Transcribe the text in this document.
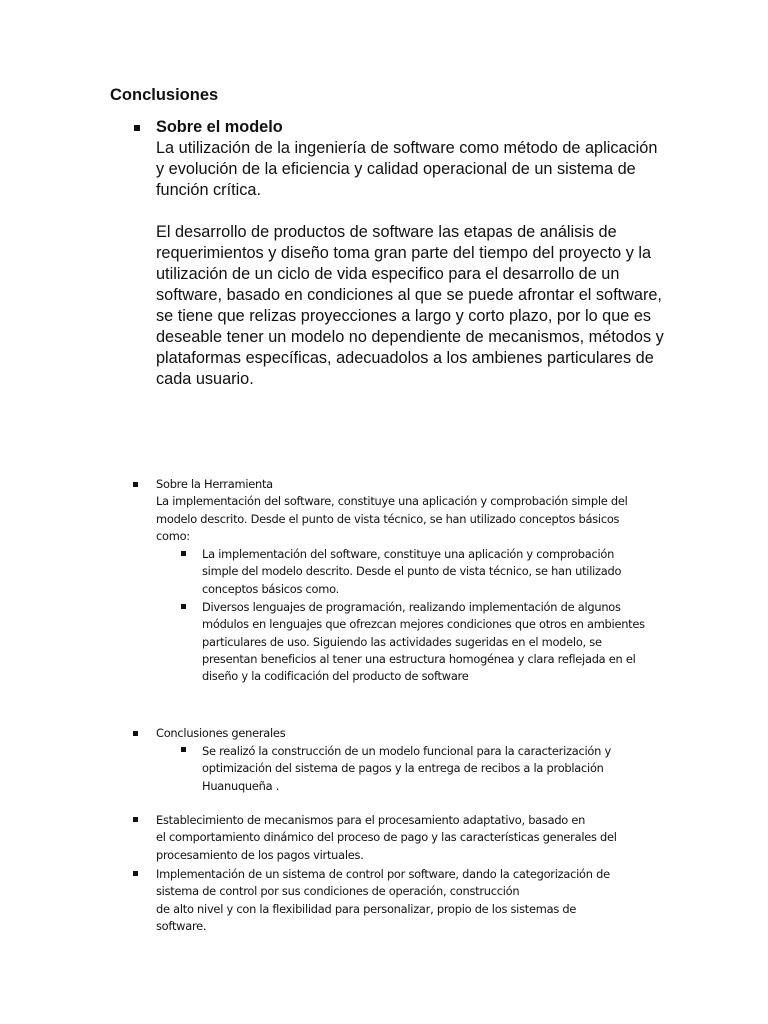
Conclusiones

Sobre el modelo

La utilización de la ingeniería de software como método de aplicación y evolución de la eficiencia y calidad operacional de un sistema de función crítica.

El desarrollo de productos de software las etapas de análisis de requerimientos y diseño toma gran parte del tiempo del proyecto y la utilización de un ciclo de vida especifico para el desarrollo de un software, basado en condiciones al que se puede afrontar el software, se tiene que relizas proyecciones a largo y corto plazo, por lo que es deseable tener un modelo no dependiente de mecanismos, métodos y plataformas específicas, adecuadolos a los ambienes particulares de cada usuario.

Sobre la Herramienta

La implementación del software, constituye una aplicación y comprobación simple del modelo descrito. Desde el punto de vista técnico, se han utilizado conceptos básicos como:

La implementación del software, constituye una aplicación y comprobación simple del modelo descrito. Desde el punto de vista técnico, se han utilizado conceptos básicos como.

Diversos lenguajes de programación, realizando implementación de algunos módulos en lenguajes que ofrezcan mejores condiciones que otros en ambientes particulares de uso. Siguiendo las actividades sugeridas en el modelo, se presentan beneficios al tener una estructura homogénea y clara reflejada en el diseño y la codificación del producto de software

Conclusiones generales

Se realizó la construcción de un modelo funcional para la caracterización y optimización del sistema de pagos y la entrega de recibos a la problación Huanuqueña .

Establecimiento de mecanismos para el procesamiento adaptativo, basado en

el comportamiento dinámico del proceso de pago y las características generales del

procesamiento de los pagos virtuales.

Implementación de un sistema de control por software, dando la categorización de

sistema de control por sus condiciones de operación, construcción

de alto nivel y con la flexibilidad para personalizar, propio de los sistemas de

software.
